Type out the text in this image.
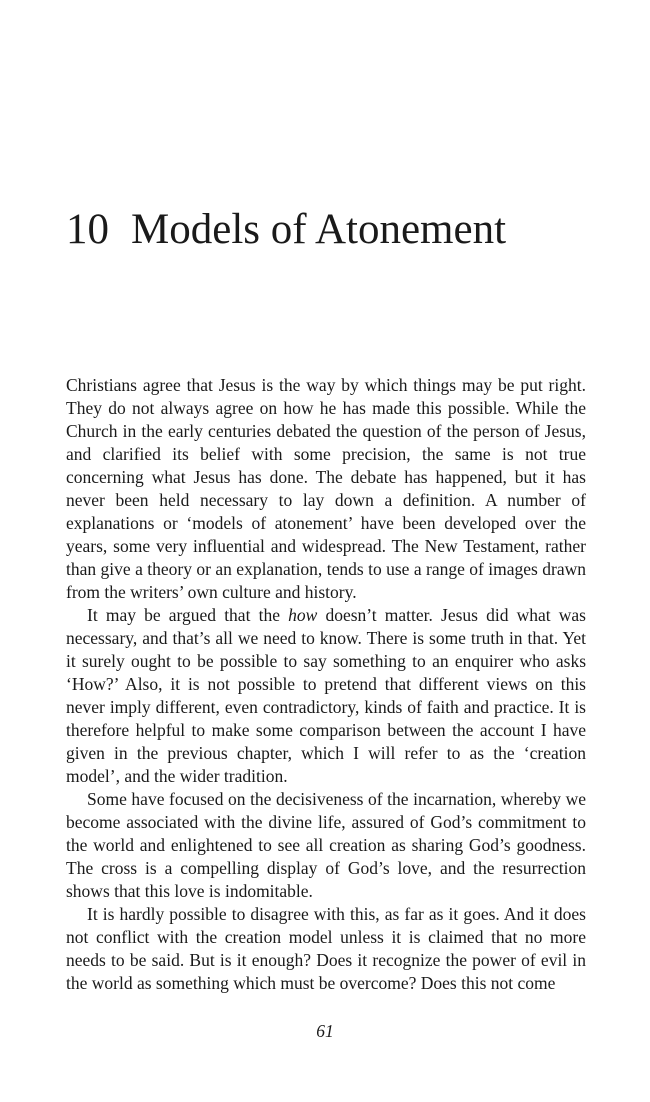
10 Models of Atonement

Christians agree that Jesus is the way by which things may be put right. They do not always agree on how he has made this possible. While the Church in the early centuries debated the question of the person of Jesus, and clarified its belief with some precision, the same is not true concerning what Jesus has done. The debate has happened, but it has never been held necessary to lay down a definition. A number of explanations or ‘models of atonement’ have been developed over the years, some very influential and widespread. The New Testament, rather than give a theory or an explanation, tends to use a range of images drawn from the writers’ own culture and history.

It may be argued that the how doesn’t matter. Jesus did what was necessary, and that’s all we need to know. There is some truth in that. Yet it surely ought to be possible to say something to an enquirer who asks ‘How?’ Also, it is not possible to pretend that different views on this never imply different, even contradictory, kinds of faith and practice. It is therefore helpful to make some comparison between the account I have given in the previous chapter, which I will refer to as the ‘creation model’, and the wider tradition.

Some have focused on the decisiveness of the incarnation, whereby we become associated with the divine life, assured of God’s commitment to the world and enlightened to see all creation as sharing God’s goodness. The cross is a compelling display of God’s love, and the resurrection shows that this love is indomitable.

It is hardly possible to disagree with this, as far as it goes. And it does not conflict with the creation model unless it is claimed that no more needs to be said. But is it enough? Does it recognize the power of evil in the world as something which must be overcome? Does this not come

61
